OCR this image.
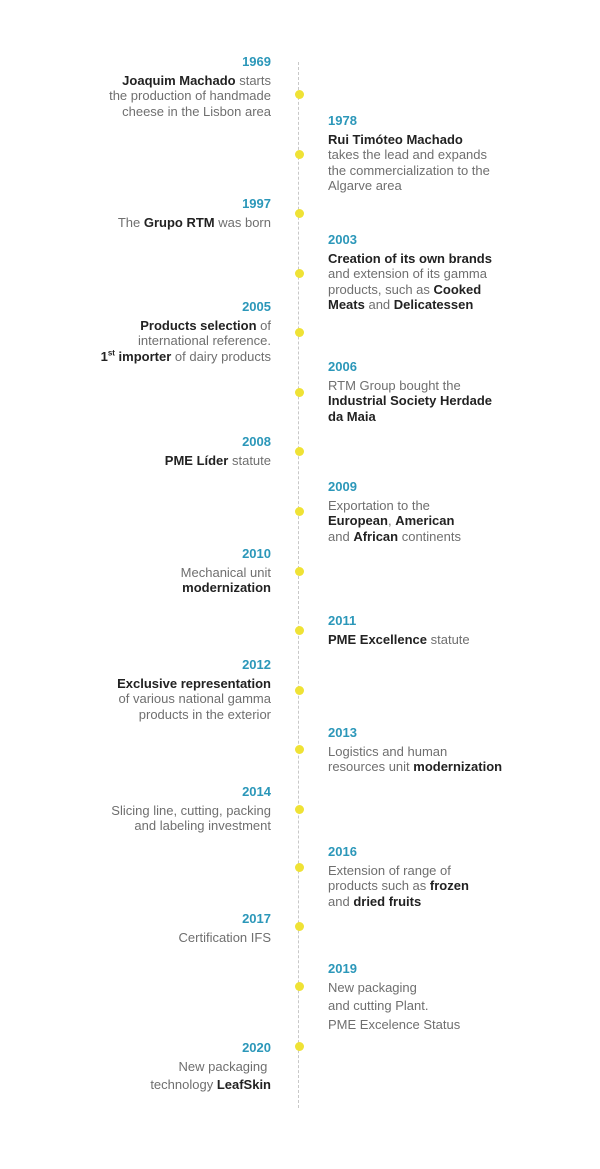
1969
Joaquim Machado starts
the production of handmade
cheese in the Lisbon area
1978
Rui Timóteo Machado
takes the lead and expands
the commercialization to the
Algarve area
1997
The Grupo RTM was born
2003
Creation of its own brands
and extension of its gamma
products, such as Cooked
Meats and Delicatessen
2005
Products selection of
international reference.
1st importer of dairy products
2006
RTM Group bought the
Industrial Society Herdade
da Maia
2008
PME Líder statute
2009
Exportation to the
European, American
and African continents
2010
Mechanical unit
modernization
2011
PME Excellence statute
2012
Exclusive representation
of various national gamma
products in the exterior
2013
Logistics and human
resources unit modernization
2014
Slicing line, cutting, packing
and labeling investment
2016
Extension of range of
products such as frozen
and dried fruits
2017
Certification IFS
2019
New packaging
and cutting Plant.
PME Excelence Status
2020
New packaging
technology LeafSkin
